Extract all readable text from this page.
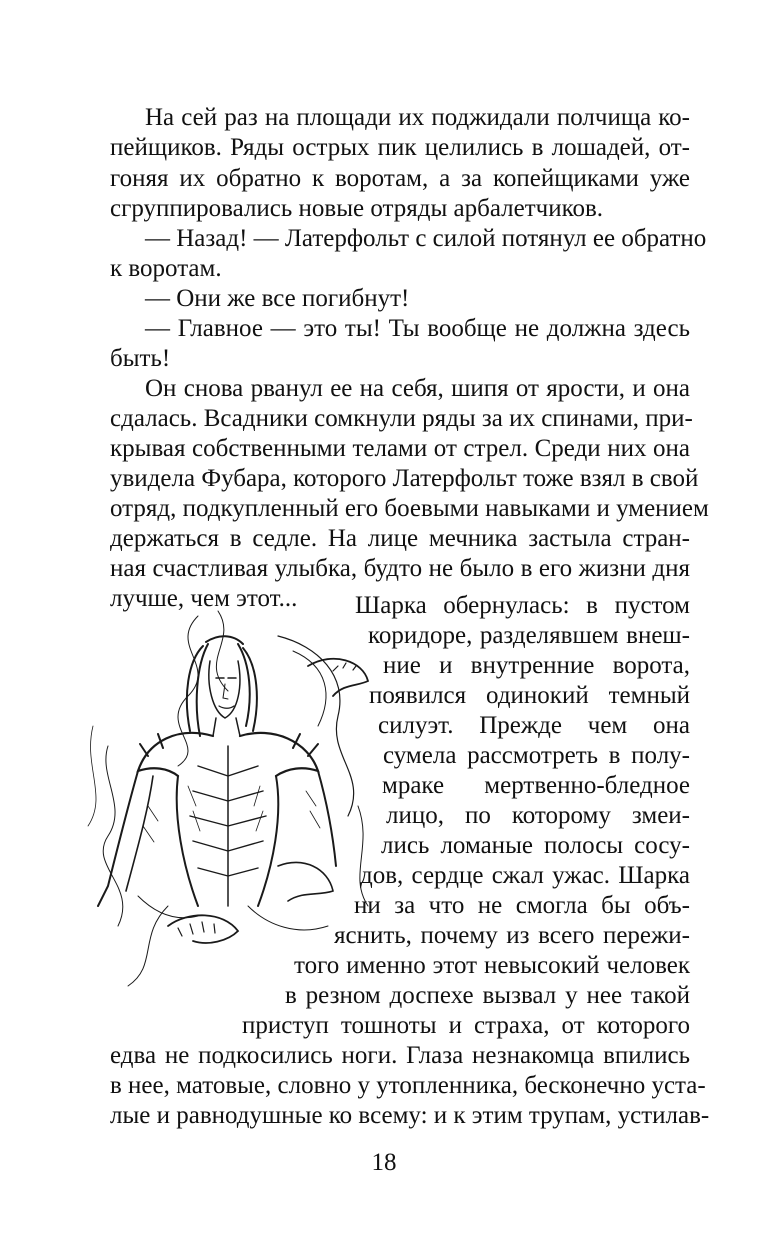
На сей раз на площади их поджидали полчища ко-
пейщиков. Ряды острых пик целились в лошадей, от-
гоняя их обратно к воротам, а за копейщиками уже
сгруппировались новые отряды арбалетчиков.
— Назад! — Латерфольт с силой потянул ее обратно
к воротам.
— Они же все погибнут!
— Главное — это ты! Ты вообще не должна здесь
быть!
Он снова рванул ее на себя, шипя от ярости, и она
сдалась. Всадники сомкнули ряды за их спинами, при-
крывая собственными телами от стрел. Среди них она
увидела Фубара, которого Латерфольт тоже взял в свой
отряд, подкупленный его боевыми навыками и умением
держаться в седле. На лице мечника застыла стран-
ная счастливая улыбка, будто не было в его жизни дня
лучше, чем этот...	Шарка обернулась: в пустом
коридоре, разделявшем внеш-
ние и внутренние ворота,
появился одинокий темный
силуэт. Прежде чем она
сумела рассмотреть в полу-
мраке мертвенно-бледное
лицо, по которому змеи-
лись ломаные полосы сосу-
дов, сердце сжал ужас. Шарка
ни за что не смогла бы объ-
яснить, почему из всего пережи-
того именно этот невысокий человек
в резном доспехе вызвал у нее такой
приступ тошноты и страха, от которого
едва не подкосились ноги. Глаза незнакомца впились
в нее, матовые, словно у утопленника, бесконечно уста-
лые и равнодушные ко всему: и к этим трупам, устилав-
18
